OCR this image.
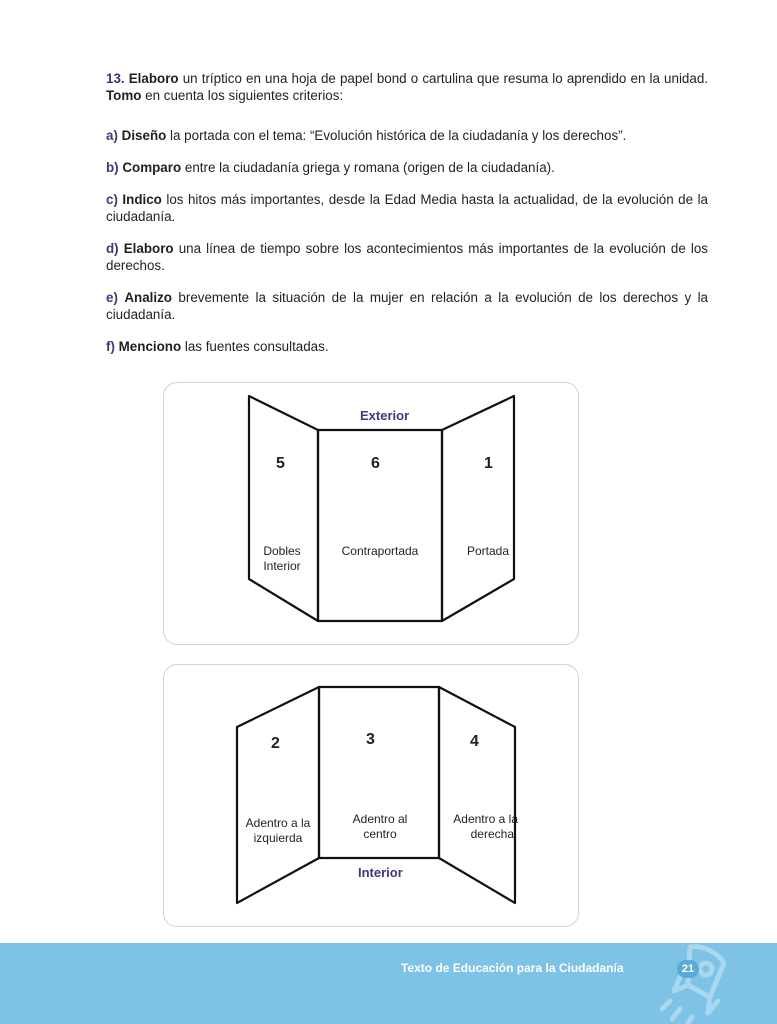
13. Elaboro un tríptico en una hoja de papel bond o cartulina que resuma lo aprendido en la unidad. Tomo en cuenta los siguientes criterios:

a) Diseño la portada con el tema: “Evolución histórica de la ciudadanía y los derechos”.

b) Comparo entre la ciudadanía griega y romana (origen de la ciudadanía).

c) Indico los hitos más importantes, desde la Edad Media hasta la actualidad, de la evolución de la ciudadanía.

d) Elaboro una línea de tiempo sobre los acontecimientos más importantes de la evolución de los derechos.

e) Analizo brevemente la situación de la mujer en relación a la evolución de los derechos y la ciudadanía.

f) Menciono las fuentes consultadas.

Exterior
5	6	1
Dobles
Interior
Contraportada	Portada
2	3	4
Adentro a la
izquierda
Adentro al
centro
Adentro a la
derecha
Interior
Texto de Educación para la Ciudadanía	21
